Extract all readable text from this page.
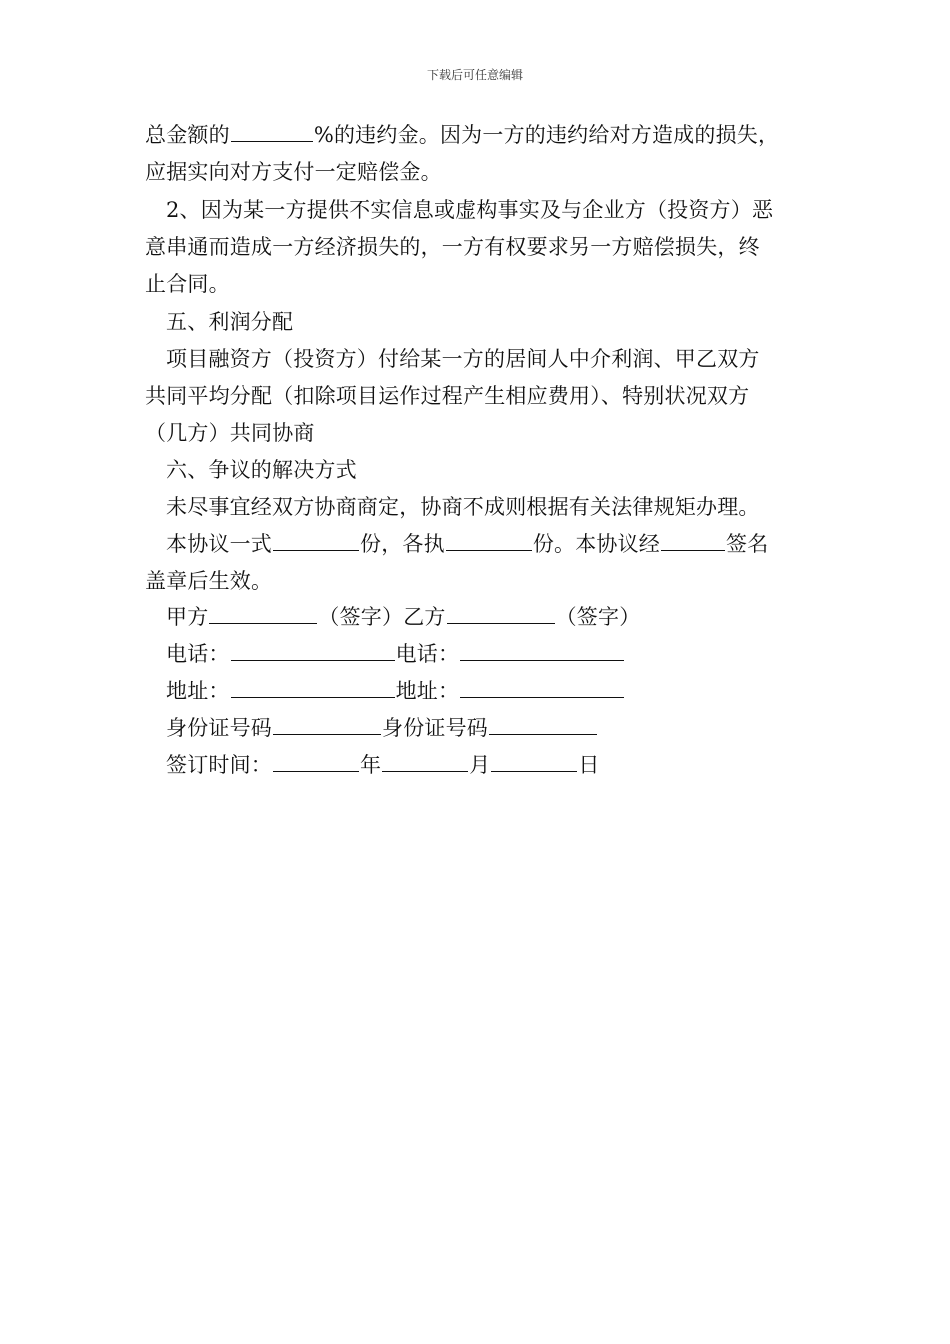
下载后可任意编辑
总金额的	%的违约金。因为一方的违约给对方造成的损失，
应据实向对方支付一定赔偿金。
2、因为某一方提供不实信息或虚构事实及与企业方（投资方）恶
意串通而造成一方经济损失的，一方有权要求另一方赔偿损失，终
止合同。
五、利润分配
项目融资方（投资方）付给某一方的居间人中介利润、甲乙双方
共同平均分配（扣除项目运作过程产生相应费用）、特别状况双方
（几方）共同协商
六、争议的解决方式
未尽事宜经双方协商商定，协商不成则根据有关法律规矩办理。
本协议一式	份，各执	份。本协议经	签名
盖章后生效。
甲方	（签字）乙方	（签字）
电话：	电话：
地址：	地址：
身份证号码	身份证号码
签订时间：	年	月	日
